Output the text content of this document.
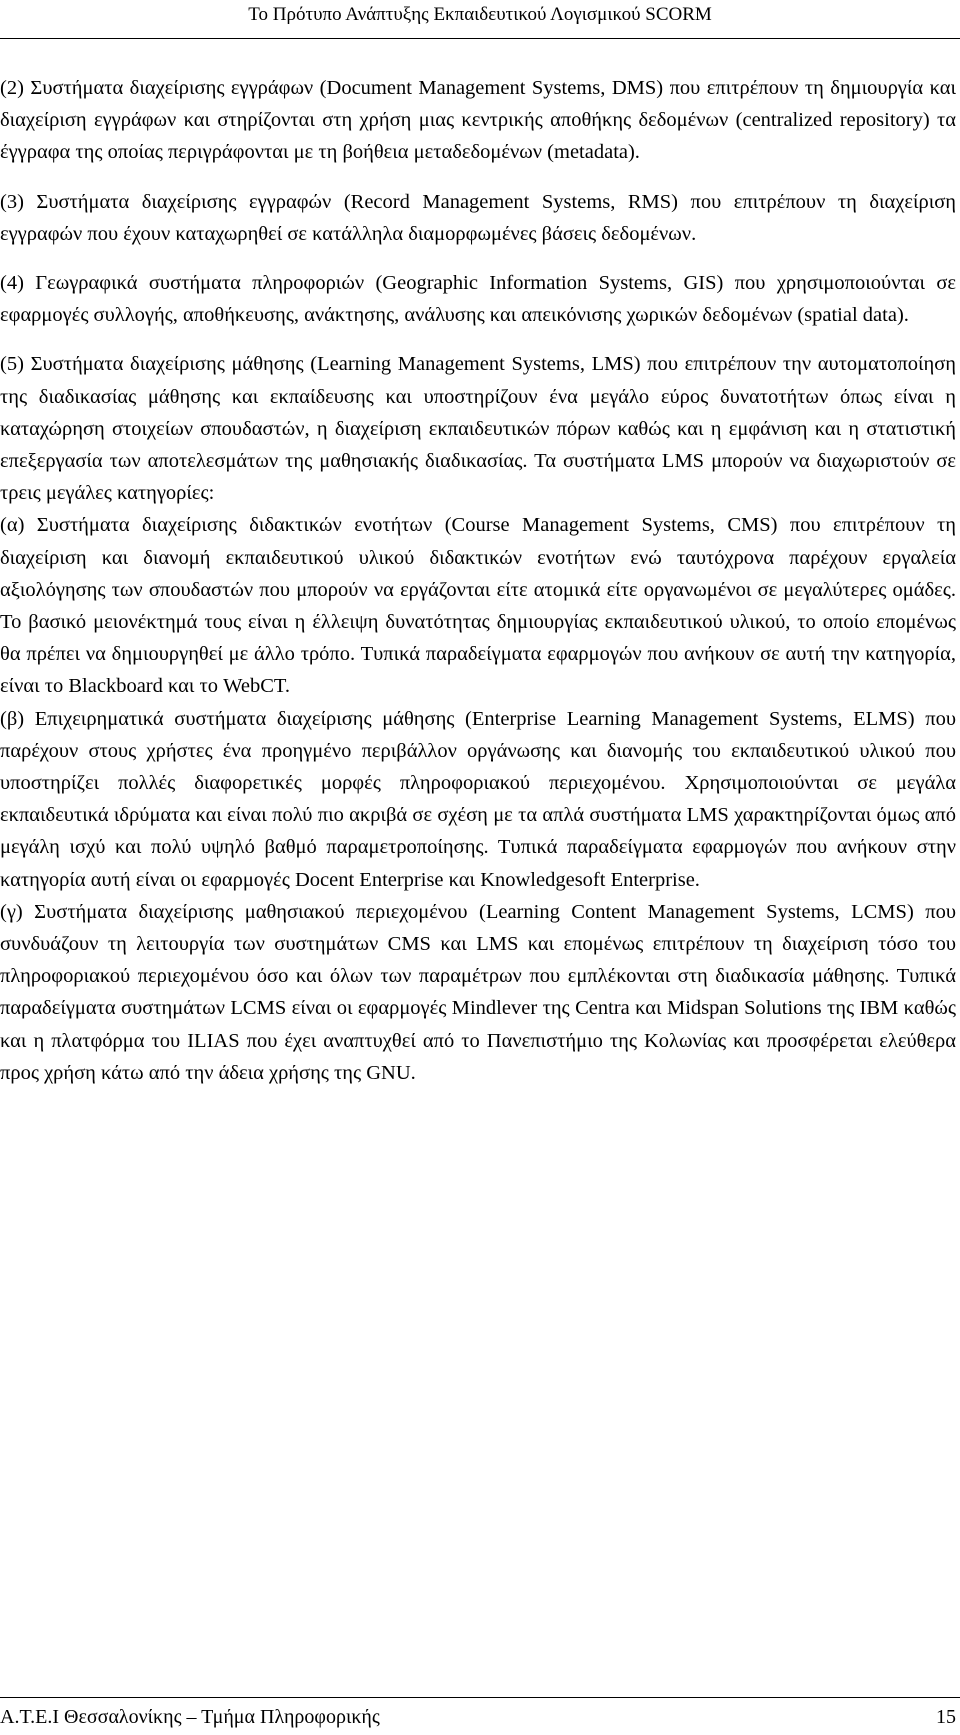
Το Πρότυπο Ανάπτυξης Εκπαιδευτικού Λογισμικού SCORM

(2) Συστήματα διαχείρισης εγγράφων (Document Management Systems, DMS) που επιτρέπουν τη δημιουργία και διαχείριση εγγράφων και στηρίζονται στη χρήση μιας κεντρικής αποθήκης δεδομένων (centralized repository) τα έγγραφα της οποίας περιγράφονται με τη βοήθεια μεταδεδομένων (metadata).

(3) Συστήματα διαχείρισης εγγραφών (Record Management Systems, RMS) που επιτρέπουν τη διαχείριση εγγραφών που έχουν καταχωρηθεί σε κατάλληλα διαμορφωμένες βάσεις δεδομένων.

(4) Γεωγραφικά συστήματα πληροφοριών (Geographic Information Systems, GIS) που χρησιμοποιούνται σε εφαρμογές συλλογής, αποθήκευσης, ανάκτησης, ανάλυσης και απεικόνισης χωρικών δεδομένων (spatial data).

(5) Συστήματα διαχείρισης μάθησης (Learning Management Systems, LMS) που επιτρέπουν την αυτοματοποίηση της διαδικασίας μάθησης και εκπαίδευσης και υποστηρίζουν ένα μεγάλο εύρος δυνατοτήτων όπως είναι η καταχώρηση στοιχείων σπουδαστών, η διαχείριση εκπαιδευτικών πόρων καθώς και η εμφάνιση και η στατιστική επεξεργασία των αποτελεσμάτων της μαθησιακής διαδικασίας. Τα συστήματα LMS μπορούν να διαχωριστούν σε τρεις μεγάλες κατηγορίες:

(α) Συστήματα διαχείρισης διδακτικών ενοτήτων (Course Management Systems, CMS) που επιτρέπουν τη διαχείριση και διανομή εκπαιδευτικού υλικού διδακτικών ενοτήτων ενώ ταυτόχρονα παρέχουν εργαλεία αξιολόγησης των σπουδαστών που μπορούν να εργάζονται είτε ατομικά είτε οργανωμένοι σε μεγαλύτερες ομάδες. Το βασικό μειονέκτημά τους είναι η έλλειψη δυνατότητας δημιουργίας εκπαιδευτικού υλικού, το οποίο επομένως θα πρέπει να δημιουργηθεί με άλλο τρόπο. Τυπικά παραδείγματα εφαρμογών που ανήκουν σε αυτή την κατηγορία, είναι το Blackboard και το WebCT.

(β) Επιχειρηματικά συστήματα διαχείρισης μάθησης (Enterprise Learning Management Systems, ELMS) που παρέχουν στους χρήστες ένα προηγμένο περιβάλλον οργάνωσης και διανομής του εκπαιδευτικού υλικού που υποστηρίζει πολλές διαφορετικές μορφές πληροφοριακού περιεχομένου. Χρησιμοποιούνται σε μεγάλα εκπαιδευτικά ιδρύματα και είναι πολύ πιο ακριβά σε σχέση με τα απλά συστήματα LMS χαρακτηρίζονται όμως από μεγάλη ισχύ και πολύ υψηλό βαθμό παραμετροποίησης. Τυπικά παραδείγματα εφαρμογών που ανήκουν στην κατηγορία αυτή είναι οι εφαρμογές Docent Enterprise και Knowledgesoft Enterprise.

(γ) Συστήματα διαχείρισης μαθησιακού περιεχομένου (Learning Content Management Systems, LCMS) που συνδυάζουν τη λειτουργία των συστημάτων CMS και LMS και επομένως επιτρέπουν τη διαχείριση τόσο του πληροφοριακού περιεχομένου όσο και όλων των παραμέτρων που εμπλέκονται στη διαδικασία μάθησης. Τυπικά παραδείγματα συστημάτων LCMS είναι οι εφαρμογές Mindlever της Centra και Midspan Solutions της IBM καθώς και η πλατφόρμα του ILIAS που έχει αναπτυχθεί από το Πανεπιστήμιο της Κολωνίας και προσφέρεται ελεύθερα προς χρήση κάτω από την άδεια χρήσης της GNU.

Α.Τ.Ε.Ι Θεσσαλονίκης – Τμήμα Πληροφορικής	15
